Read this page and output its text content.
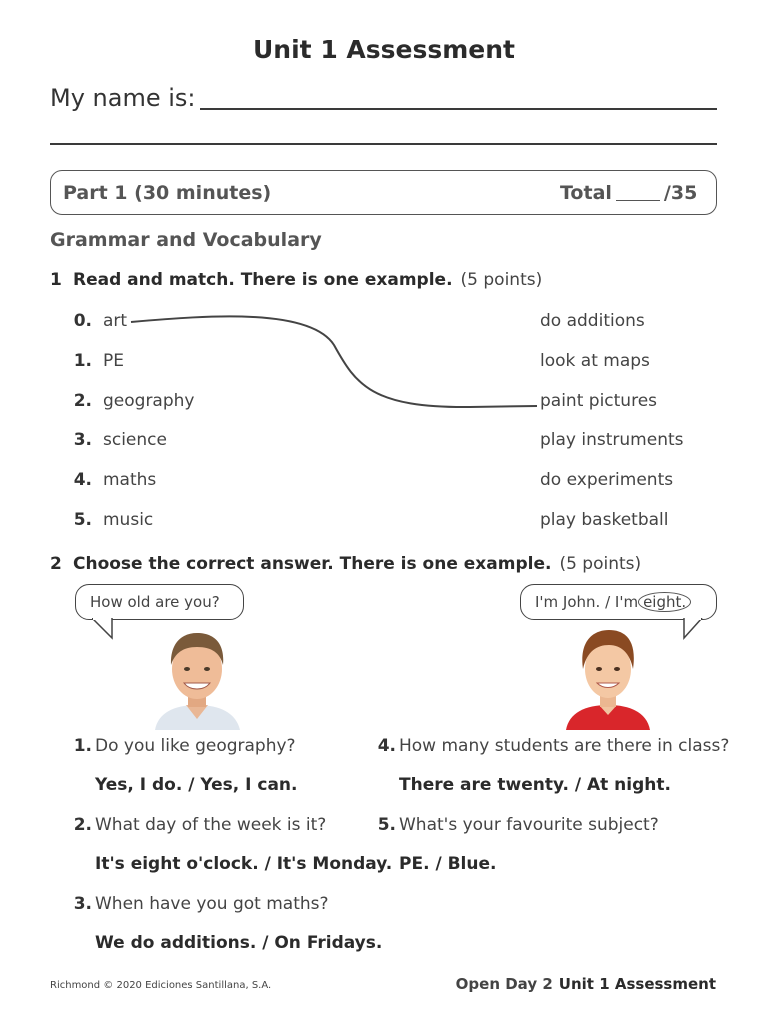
Unit 1 Assessment
My name is:
Part 1 (30 minutes)	Total	/35
Grammar and Vocabulary
1 Read and match. There is one example. (5 points)
0. art
1. PE
2. geography
3. science
4. maths
5. music
do additions
look at maps
paint pictures
play instruments
do experiments
play basketball
2 Choose the correct answer. There is one example. (5 points)
How old are you?	I'm John. / I'm eight.
1. Do you like geography?
Yes, I do. / Yes, I can.
2. What day of the week is it?
It's eight o'clock. / It's Monday.
3. When have you got maths?
We do additions. / On Fridays.
4. How many students are there in class?
There are twenty. / At night.
5. What's your favourite subject?
PE. / Blue.
Richmond © 2020 Ediciones Santillana, S.A.	Open Day 2 Unit 1 Assessment
